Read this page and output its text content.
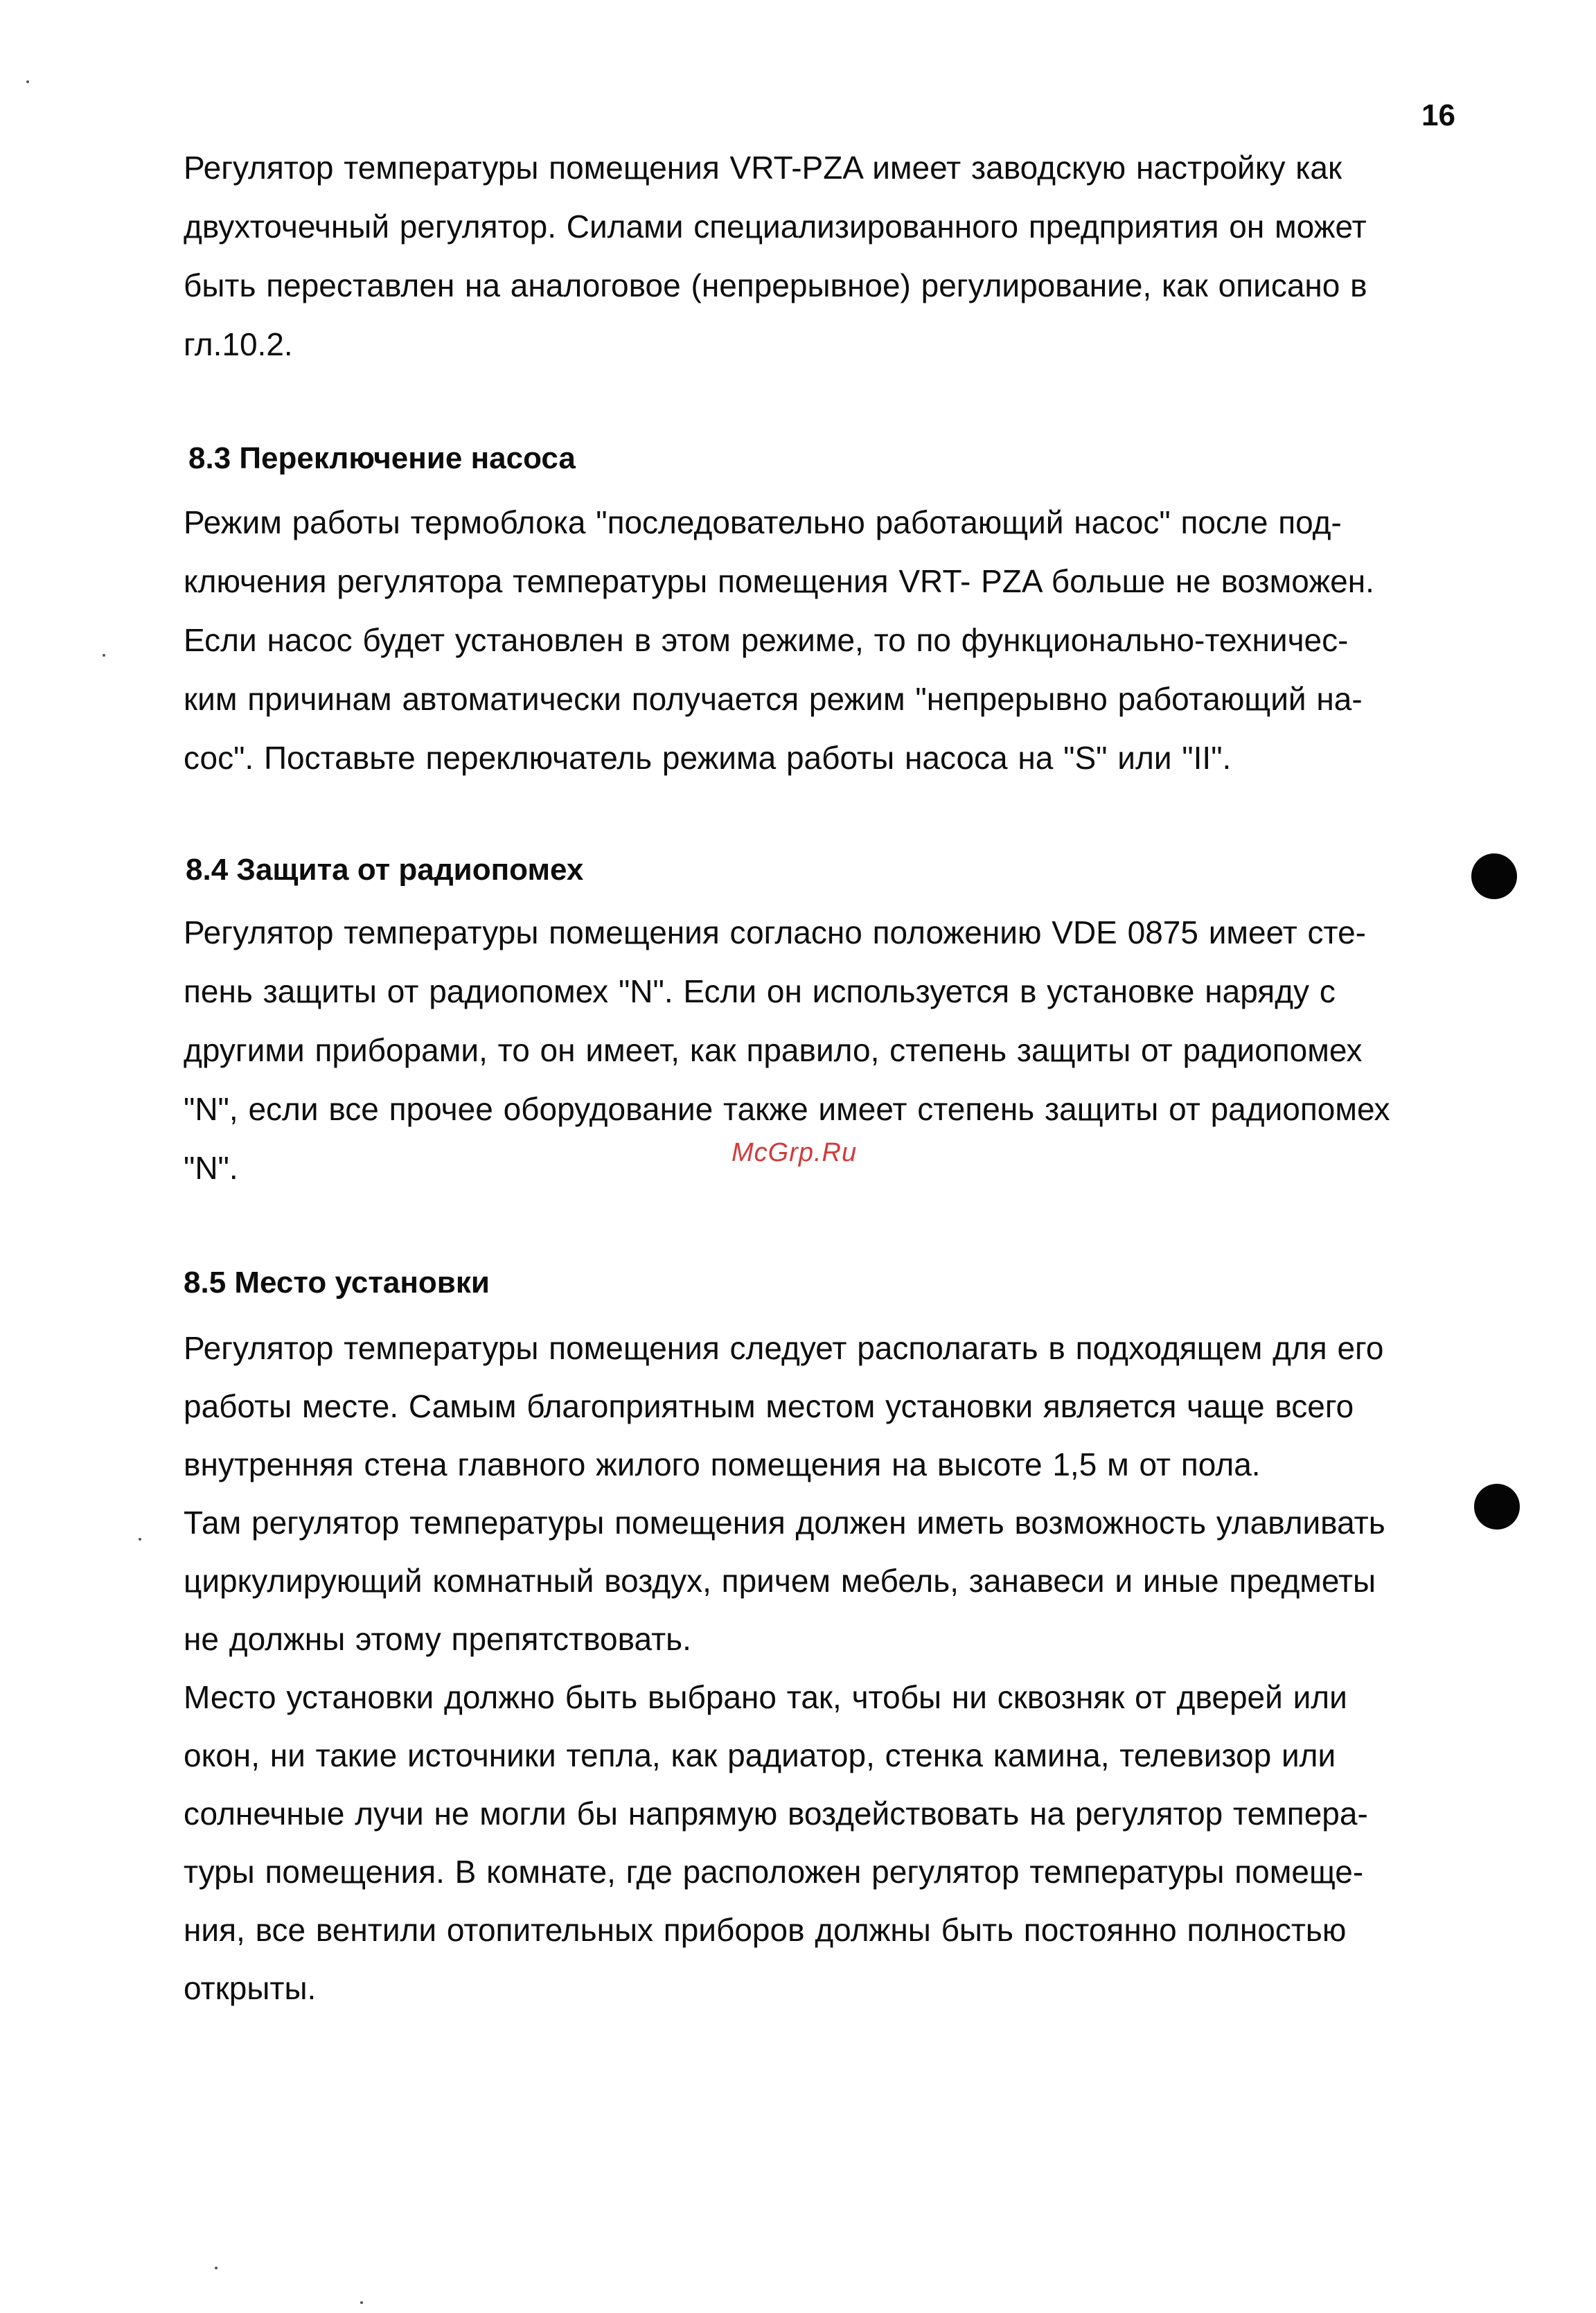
16

Регулятор температуры помещения VRT-PZA имеет заводскую настройку как
двухточечный регулятор. Силами специализированного предприятия он может
быть переставлен на аналоговое (непрерывное) регулирование, как описано в
гл.10.2.

8.3 Переключение насоса

Режим работы термоблока "последовательно работающий насос" после под-
ключения регулятора температуры помещения VRT- PZA больше не возможен.
Если насос будет установлен в этом режиме, то по функционально-техничес-
ким причинам автоматически получается режим "непрерывно работающий на-
сос". Поставьте переключатель режима работы насоса на "S" или "II".

8.4 Защита от радиопомех

Регулятор температуры помещения согласно положению VDE 0875 имеет сте-
пень защиты от радиопомех "N". Если он используется в установке наряду с
другими приборами, то он имеет, как правило, степень защиты от радиопомех
"N", если все прочее оборудование также имеет степень защиты от радиопомех
"N".	McGrp.Ru
8.5 Место установки

Регулятор температуры помещения следует располагать в подходящем для его
работы месте. Самым благоприятным местом установки является чаще всего
внутренняя стена главного жилого помещения на высоте 1,5 м от пола.

Там регулятор температуры помещения должен иметь возможность улавливать
циркулирующий комнатный воздух, причем мебель, занавеси и иные предметы
не должны этому препятствовать.

Место установки должно быть выбрано так, чтобы ни сквозняк от дверей или
окон, ни такие источники тепла, как радиатор, стенка камина, телевизор или
солнечные лучи не могли бы напрямую воздействовать на регулятор темпера-
туры помещения. В комнате, где расположен регулятор температуры помеще-
ния, все вентили отопительных приборов должны быть постоянно полностью
открыты.
